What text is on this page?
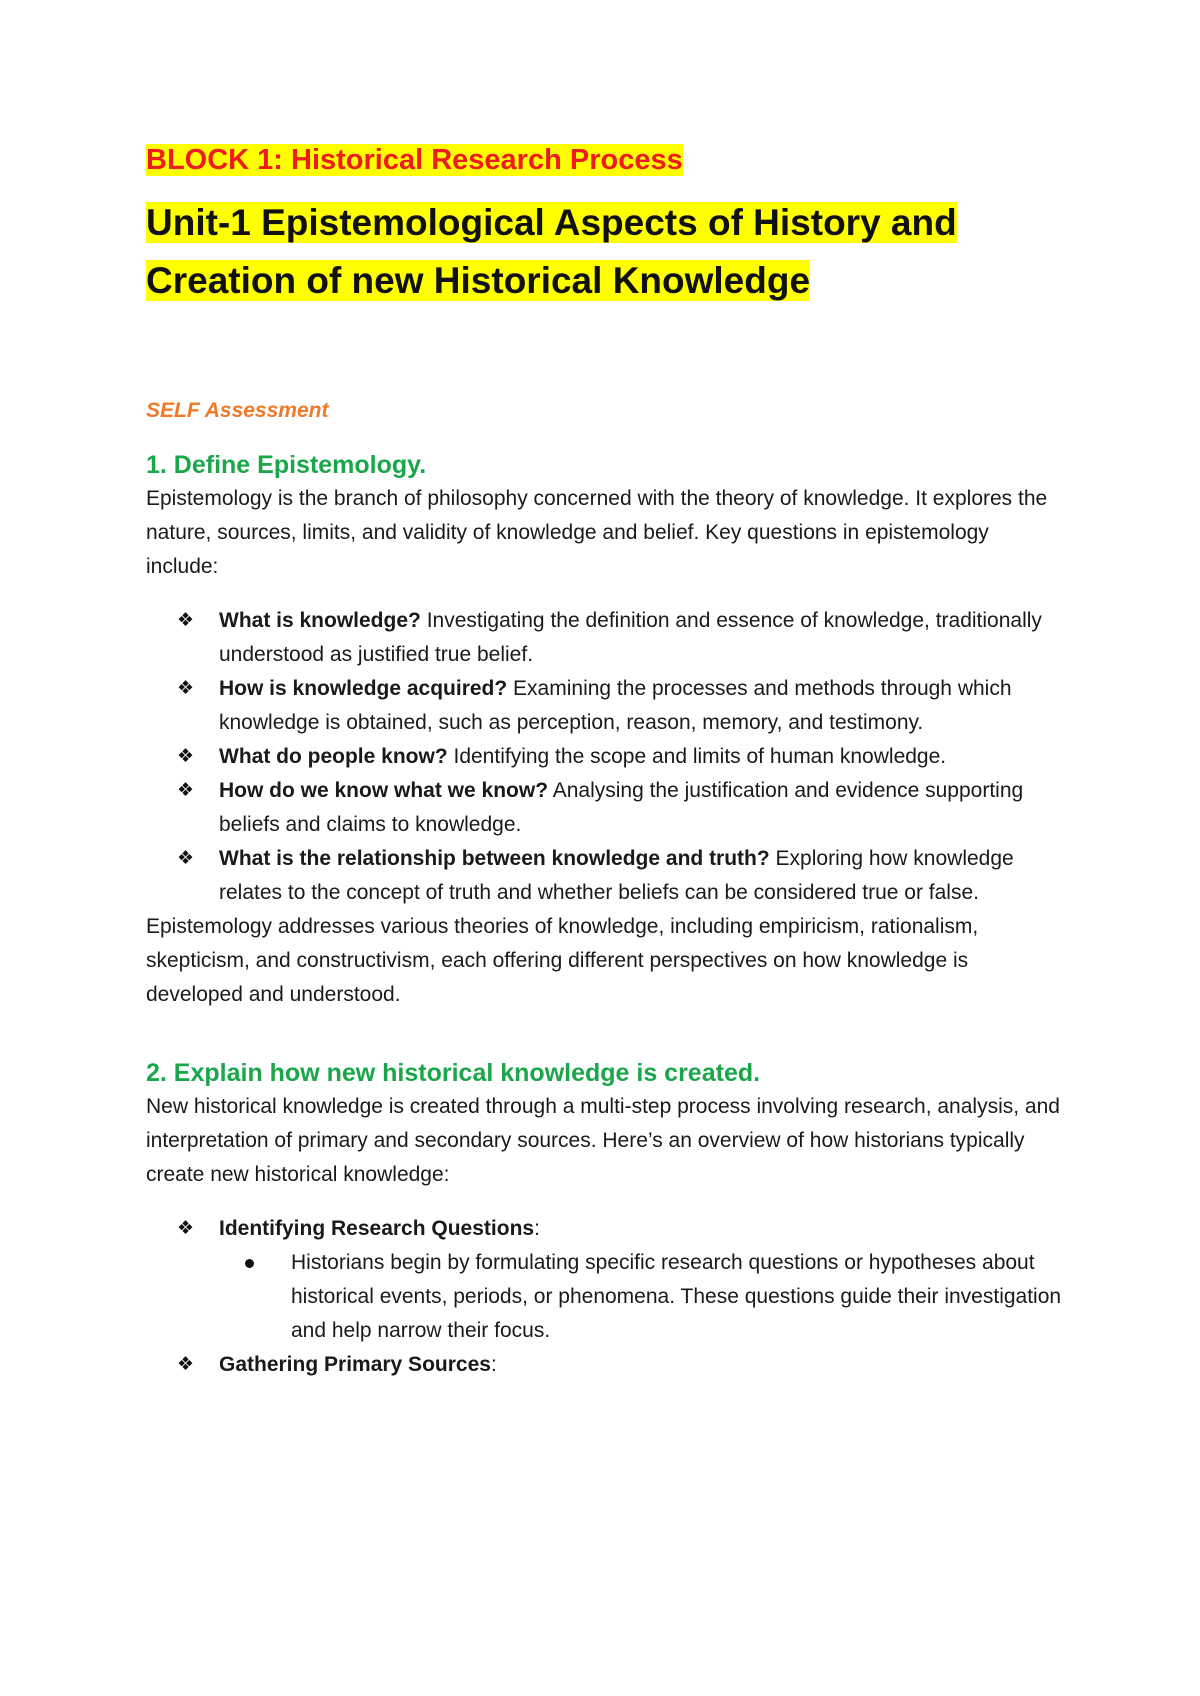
BLOCK 1: Historical Research Process
Unit-1 Epistemological Aspects of History and
Creation of new Historical Knowledge
SELF Assessment
1. Define Epistemology.

Epistemology is the branch of philosophy concerned with the theory of knowledge. It explores the nature, sources, limits, and validity of knowledge and belief. Key questions in epistemology include:

❖ What is knowledge? Investigating the definition and essence of knowledge, traditionally understood as justified true belief.
❖ How is knowledge acquired? Examining the processes and methods through which knowledge is obtained, such as perception, reason, memory, and testimony.
❖ What do people know? Identifying the scope and limits of human knowledge.
❖ How do we know what we know? Analysing the justification and evidence supporting beliefs and claims to knowledge.
❖ What is the relationship between knowledge and truth? Exploring how knowledge relates to the concept of truth and whether beliefs can be considered true or false.

Epistemology addresses various theories of knowledge, including empiricism, rationalism, skepticism, and constructivism, each offering different perspectives on how knowledge is developed and understood.

2. Explain how new historical knowledge is created.

New historical knowledge is created through a multi-step process involving research, analysis, and interpretation of primary and secondary sources. Here’s an overview of how historians typically create new historical knowledge:

❖ Identifying Research Questions:
Historians begin by formulating specific research questions or hypotheses about historical events, periods, or phenomena. These questions guide their investigation and help narrow their focus.
❖ Gathering Primary Sources:
